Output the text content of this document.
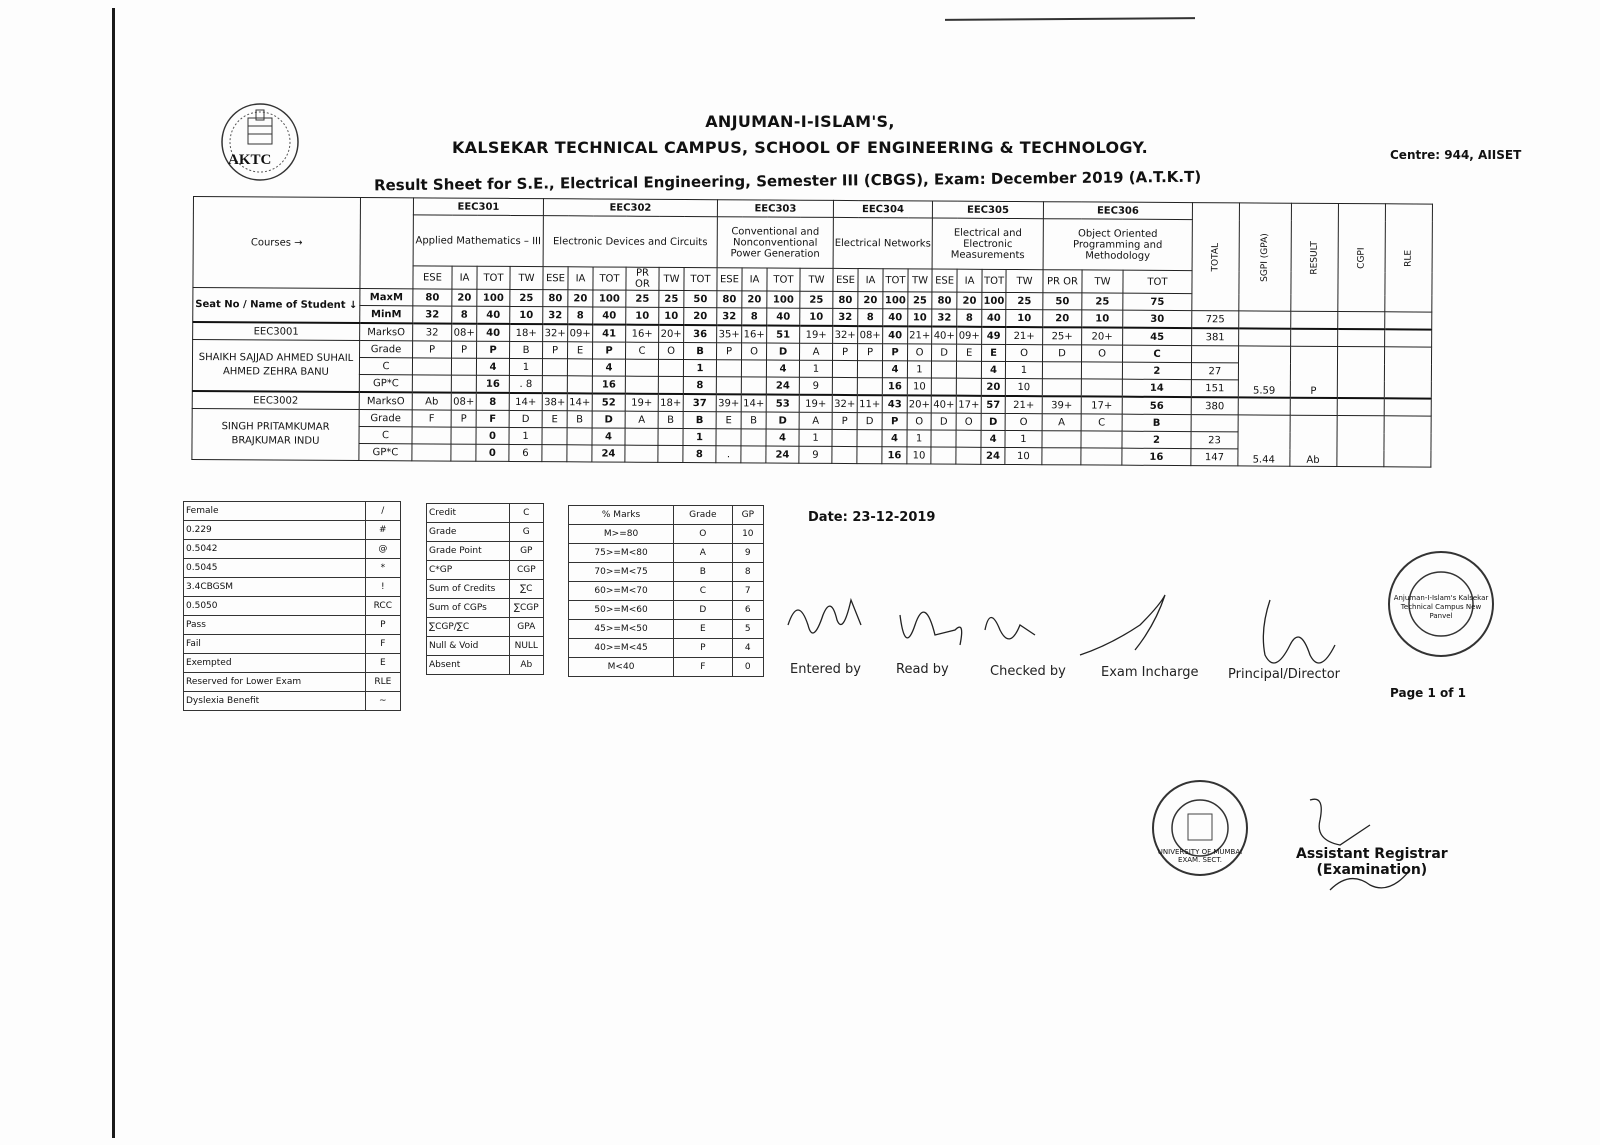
AKTC
ANJUMAN-I-ISLAM'S,
KALSEKAR TECHNICAL CAMPUS, SCHOOL OF ENGINEERING & TECHNOLOGY.	Centre: 944, AIISET
Result Sheet for S.E., Electrical Engineering, Semester III (CBGS), Exam: December 2019 (A.T.K.T)
Courses →		EEC301				EEC302						EEC303				EEC304				EEC305				EEC306			TOTAL	SGPI (GPA)	RESULT	CGPI	RLE

		Applied Mathematics – III				Electronic Devices and Circuits						Conventional and Nonconventional Power Generation				Electrical Networks				Electrical and Electronic Measurements				Object Oriented Programming and Methodology							
		ESE	IA	TOT	TW	ESE	IA	TOT	PR OR	TW	TOT	ESE	IA	TOT	TW	ESE	IA	TOT	TW	ESE	IA	TOT	TW	PR OR	TW	TOT					
Seat No / Name of Student ↓	MaxM	80	20	100	25	80	20	100	25	25	50	80	20	100	25	80	20	100	25	80	20	100	25	50	25	75					
	MinM	32	8	40	10	32	8	40	10	10	20	32	8	40	10	32	8	40	10	32	8	40	10	20	10	30	725				
EEC3001	MarksO	32	08+	40	18+	32+	09+	41	16+	20+	36	35+	16+	51	19+	32+	08+	40	21+	40+	09+	49	21+	25+	20+	45	381				
SHAIKH SAJJAD AHMED SUHAIL AHMED ZEHRA BANU	Grade	P	P	P	B	P	E	P	C	O	B	P	O	D	A	P	P	P	O	D	E	E	O	D	O	C		5.59	P		
	C			4	1			4			1			4	1			4	1			4	1			2	27				
	GP*C			16	. 8			16			8			24	9			16	10			20	10			14	151				
EEC3002	MarksO	Ab	08+	8	14+	38+	14+	52	19+	18+	37	39+	14+	53	19+	32+	11+	43	20+	40+	17+	57	21+	39+	17+	56	380				
SINGH PRITAMKUMAR BRAJKUMAR INDU	Grade	F	P	F	D	E	B	D	A	B	B	E	B	D	A	P	D	P	O	D	O	D	O	A	C	B		5.44	Ab		
	C			0	1			4			1			4	1			4	1			4	1			2	23				
	GP*C			0	6			24			8	.		24	9			16	10			24	10			16	147				
Female	/
0.229	#
0.5042	@
0.5045	*
3.4CBGSM	!
0.5050	RCC
Pass	P
Fail	F
Exempted	E
Reserved for Lower Exam	RLE
Dyslexia Benefit	~
Credit	C
Grade	G
Grade Point	GP
C*GP	CGP
Sum of Credits	∑C
Sum of CGPs	∑CGP
∑CGP/∑C	GPA
Null & Void	NULL
Absent	Ab
% Marks	Grade	GP
M>=80	O	10
75>=M<80	A	9
70>=M<75	B	8
60>=M<70	C	7
50>=M<60	D	6
45>=M<50	E	5
40>=M<45	P	4
M<40	F	0
Date: 23-12-2019
Entered by	Read by	Checked by	Exam Incharge Principal/Director
Anjuman-I-Islam's Kalsekar Technical Campus New Panvel
Page 1 of 1
UNIVERSITY OF MUMBAI EXAM. SECT.	Assistant Registrar
(Examination)
